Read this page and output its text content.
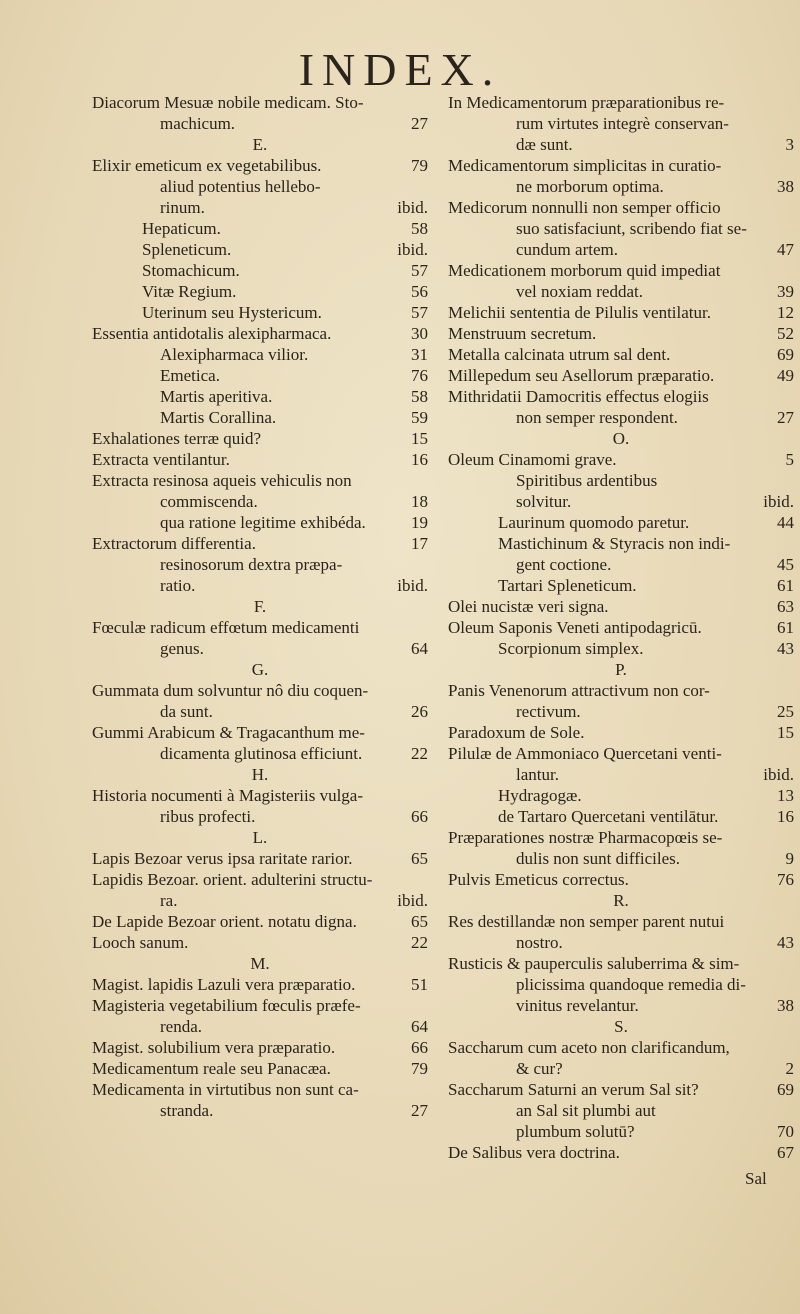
INDEX.
Diacorum Mesuæ nobile medicam. Sto-
machicum.	27
E.
Elixir emeticum ex vegetabilibus.	79
aliud potentius hellebo-
rinum.	ibid.
Hepaticum.	58
Spleneticum.	ibid.
Stomachicum.	57
Vitæ Regium.	56
Uterinum seu Hystericum.	57
Essentia antidotalis alexipharmaca.	30
Alexipharmaca vilior.	31
Emetica.	76
Martis aperitiva.	58
Martis Corallina.	59
Exhalationes terræ quid?	15
Extracta ventilantur.	16
Extracta resinosa aqueis vehiculis non
commiscenda.	18
qua ratione legitime exhibéda.	19
Extractorum differentia.	17
resinosorum dextra præpa-
ratio.	ibid.
F.
Fœculæ radicum effœtum medicamenti
genus.	64
G.
Gummata dum solvuntur nô diu coquen-
da sunt.	26
Gummi Arabicum & Tragacanthum me-
dicamenta glutinosa efficiunt.	22
H.
Historia nocumenti à Magisteriis vulga-
ribus profecti.	66
L.
Lapis Bezoar verus ipsa raritate rarior.	65
Lapidis Bezoar. orient. adulterini structu-
ra.	ibid.
De Lapide Bezoar orient. notatu digna.	65
Looch sanum.	22
M.
Magist. lapidis Lazuli vera præparatio.	51
Magisteria vegetabilium fœculis præfe-
renda.	64
Magist. solubilium vera præparatio.	66
Medicamentum reale seu Panacæa.	79
Medicamenta in virtutibus non sunt ca-
stranda.	27
In Medicamentorum præparationibus re-
rum virtutes integrè conservan-
dæ sunt.	3
Medicamentorum simplicitas in curatio-
ne morborum optima.	38
Medicorum nonnulli non semper officio
suo satisfaciunt, scribendo fiat se-
cundum artem.	47
Medicationem morborum quid impediat
vel noxiam reddat.	39
Melichii sententia de Pilulis ventilatur.	12
Menstruum secretum.	52
Metalla calcinata utrum sal dent.	69
Millepedum seu Asellorum præparatio.	49
Mithridatii Damocritis effectus elogiis
non semper respondent.	27
O.
Oleum Cinamomi grave.	5
Spiritibus ardentibus
solvitur.	ibid.
Laurinum quomodo paretur.	44
Mastichinum & Styracis non indi-
gent coctione.	45
Tartari Spleneticum.	61
Olei nucistæ veri signa.	63
Oleum Saponis Veneti antipodagricū.	61
Scorpionum simplex.	43
P.
Panis Venenorum attractivum non cor-
rectivum.	25
Paradoxum de Sole.	15
Pilulæ de Ammoniaco Quercetani venti-
lantur.	ibid.
Hydragogæ.	13
de Tartaro Quercetani ventilātur.	16
Præparationes nostræ Pharmacopœis se-
dulis non sunt difficiles.	9
Pulvis Emeticus correctus.	76
R.
Res destillandæ non semper parent nutui
nostro.	43
Rusticis & pauperculis saluberrima & sim-
plicissima quandoque remedia di-
vinitus revelantur.	38
S.
Saccharum cum aceto non clarificandum,
& cur?	2
Saccharum Saturni an verum Sal sit?	69
an Sal sit plumbi aut
plumbum solutū?	70
De Salibus vera doctrina.	67
Sal
